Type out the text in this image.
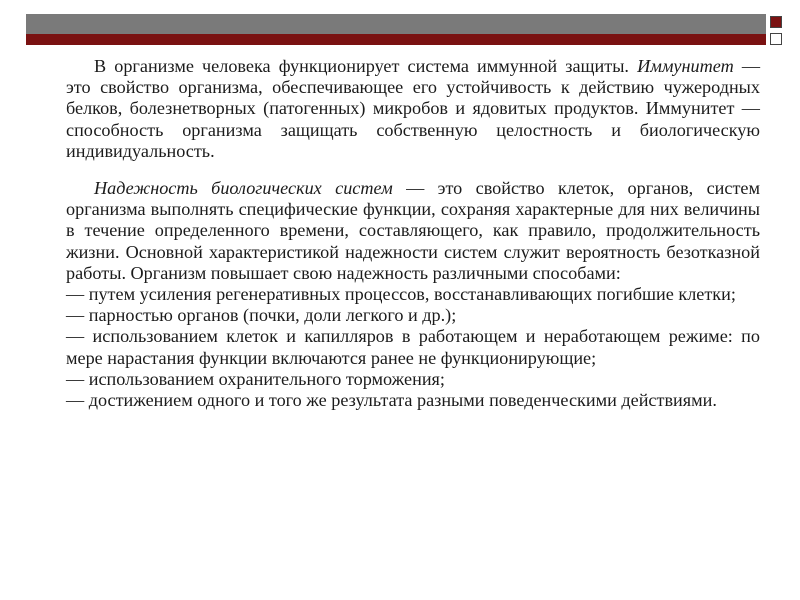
В организме человека функционирует система иммунной защиты. Иммунитет — это свойство организма, обеспечивающее его устойчивость к действию чужеродных белков, болезнетворных (патогенных) микробов и ядовитых продуктов. Иммунитет — способность организма защищать собственную целостность и биологическую индивидуальность.

Надежность биологических систем — это свойство клеток, органов, систем организма выполнять специфические функции, сохраняя характерные для них величины в течение определенного времени, составляющего, как правило, продолжительность жизни. Основной характеристикой надежности систем служит вероятность безотказной работы. Организм повышает свою надежность различными способами:

— путем усиления регенеративных процессов, восстанавливающих погибшие клетки;
— парностью органов (почки, доли легкого и др.);
— использованием клеток и капилляров в работающем и неработающем режиме: по мере нарастания функции включаются ранее не функционирующие;
— использованием охранительного торможения;
— достижением одного и того же результата разными поведенческими действиями.
